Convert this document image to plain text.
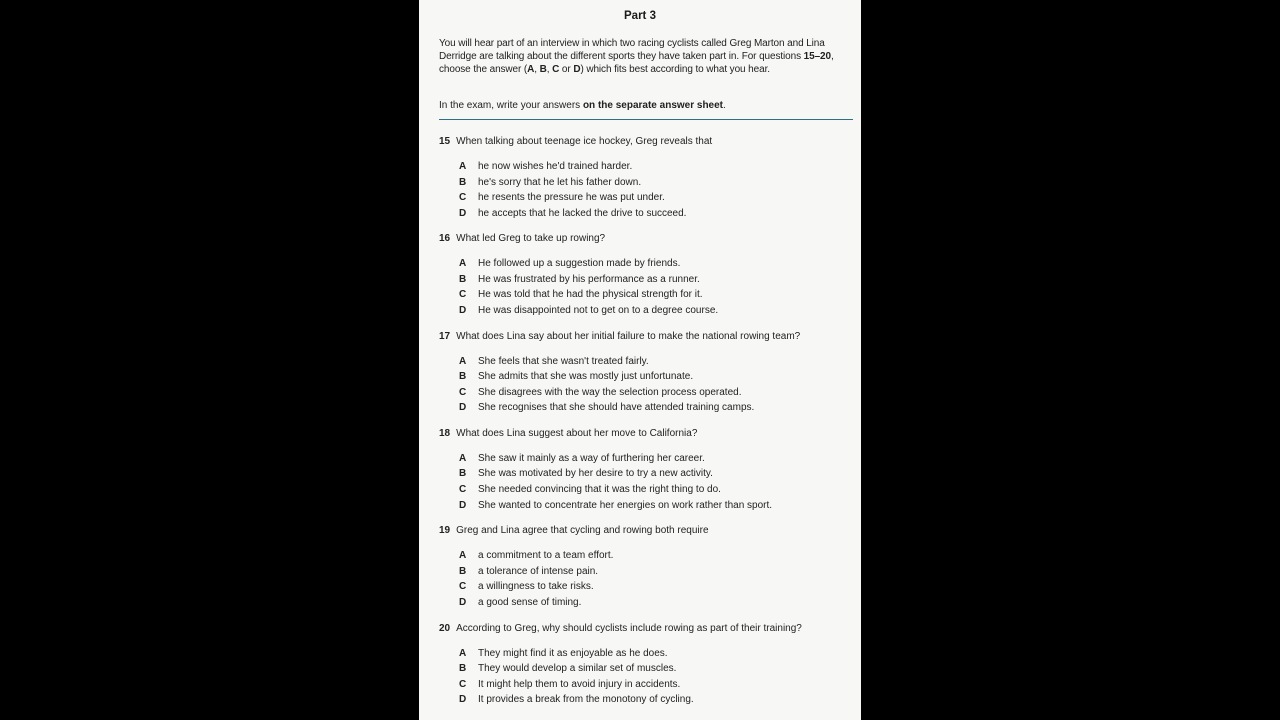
Part 3
You will hear part of an interview in which two racing cyclists called Greg Marton and Lina Derridge are talking about the different sports they have taken part in. For questions 15–20, choose the answer (A, B, C or D) which fits best according to what you hear.
In the exam, write your answers on the separate answer sheet.
15 When talking about teenage ice hockey, Greg reveals that
A he now wishes he'd trained harder.
B he's sorry that he let his father down.
C he resents the pressure he was put under.
D he accepts that he lacked the drive to succeed.
16 What led Greg to take up rowing?
A He followed up a suggestion made by friends.
B He was frustrated by his performance as a runner.
C He was told that he had the physical strength for it.
D He was disappointed not to get on to a degree course.
17 What does Lina say about her initial failure to make the national rowing team?
A She feels that she wasn't treated fairly.
B She admits that she was mostly just unfortunate.
C She disagrees with the way the selection process operated.
D She recognises that she should have attended training camps.
18 What does Lina suggest about her move to California?
A She saw it mainly as a way of furthering her career.
B She was motivated by her desire to try a new activity.
C She needed convincing that it was the right thing to do.
D She wanted to concentrate her energies on work rather than sport.
19 Greg and Lina agree that cycling and rowing both require
A a commitment to a team effort.
B a tolerance of intense pain.
C a willingness to take risks.
D a good sense of timing.
20 According to Greg, why should cyclists include rowing as part of their training?
A They might find it as enjoyable as he does.
B They would develop a similar set of muscles.
C It might help them to avoid injury in accidents.
D It provides a break from the monotony of cycling.
